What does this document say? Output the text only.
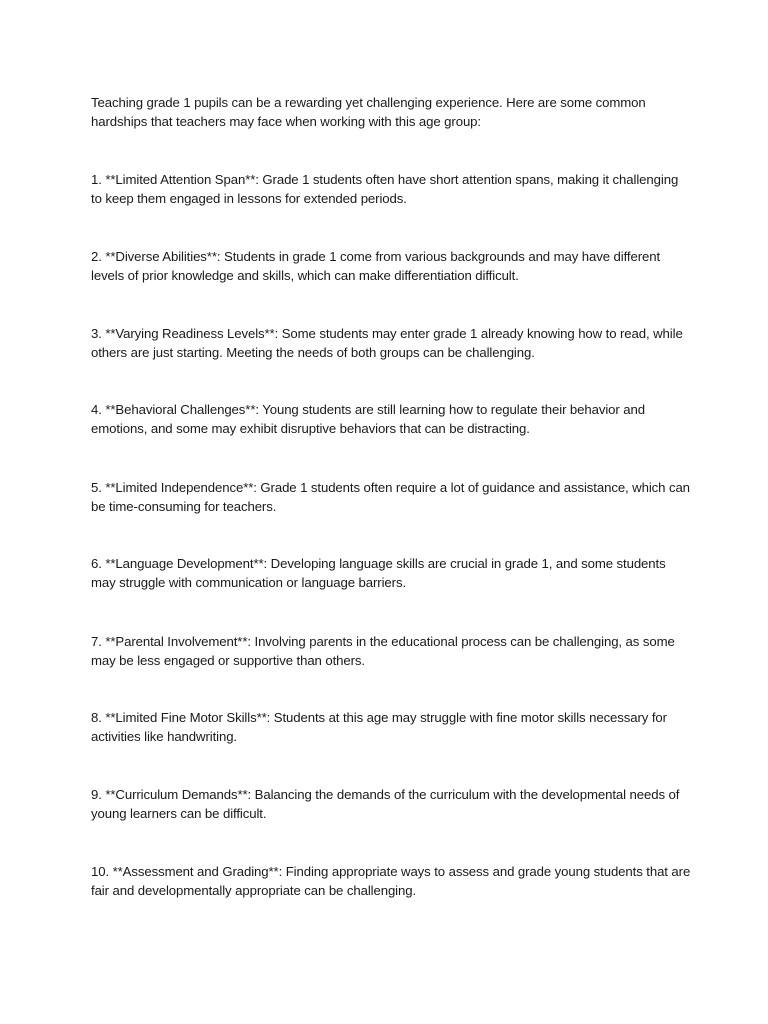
Teaching grade 1 pupils can be a rewarding yet challenging experience. Here are some common hardships that teachers may face when working with this age group:

1. **Limited Attention Span**: Grade 1 students often have short attention spans, making it challenging to keep them engaged in lessons for extended periods.

2. **Diverse Abilities**: Students in grade 1 come from various backgrounds and may have different levels of prior knowledge and skills, which can make differentiation difficult.

3. **Varying Readiness Levels**: Some students may enter grade 1 already knowing how to read, while others are just starting. Meeting the needs of both groups can be challenging.

4. **Behavioral Challenges**: Young students are still learning how to regulate their behavior and emotions, and some may exhibit disruptive behaviors that can be distracting.

5. **Limited Independence**: Grade 1 students often require a lot of guidance and assistance, which can be time-consuming for teachers.

6. **Language Development**: Developing language skills are crucial in grade 1, and some students may struggle with communication or language barriers.

7. **Parental Involvement**: Involving parents in the educational process can be challenging, as some may be less engaged or supportive than others.

8. **Limited Fine Motor Skills**: Students at this age may struggle with fine motor skills necessary for activities like handwriting.

9. **Curriculum Demands**: Balancing the demands of the curriculum with the developmental needs of young learners can be difficult.

10. **Assessment and Grading**: Finding appropriate ways to assess and grade young students that are fair and developmentally appropriate can be challenging.
